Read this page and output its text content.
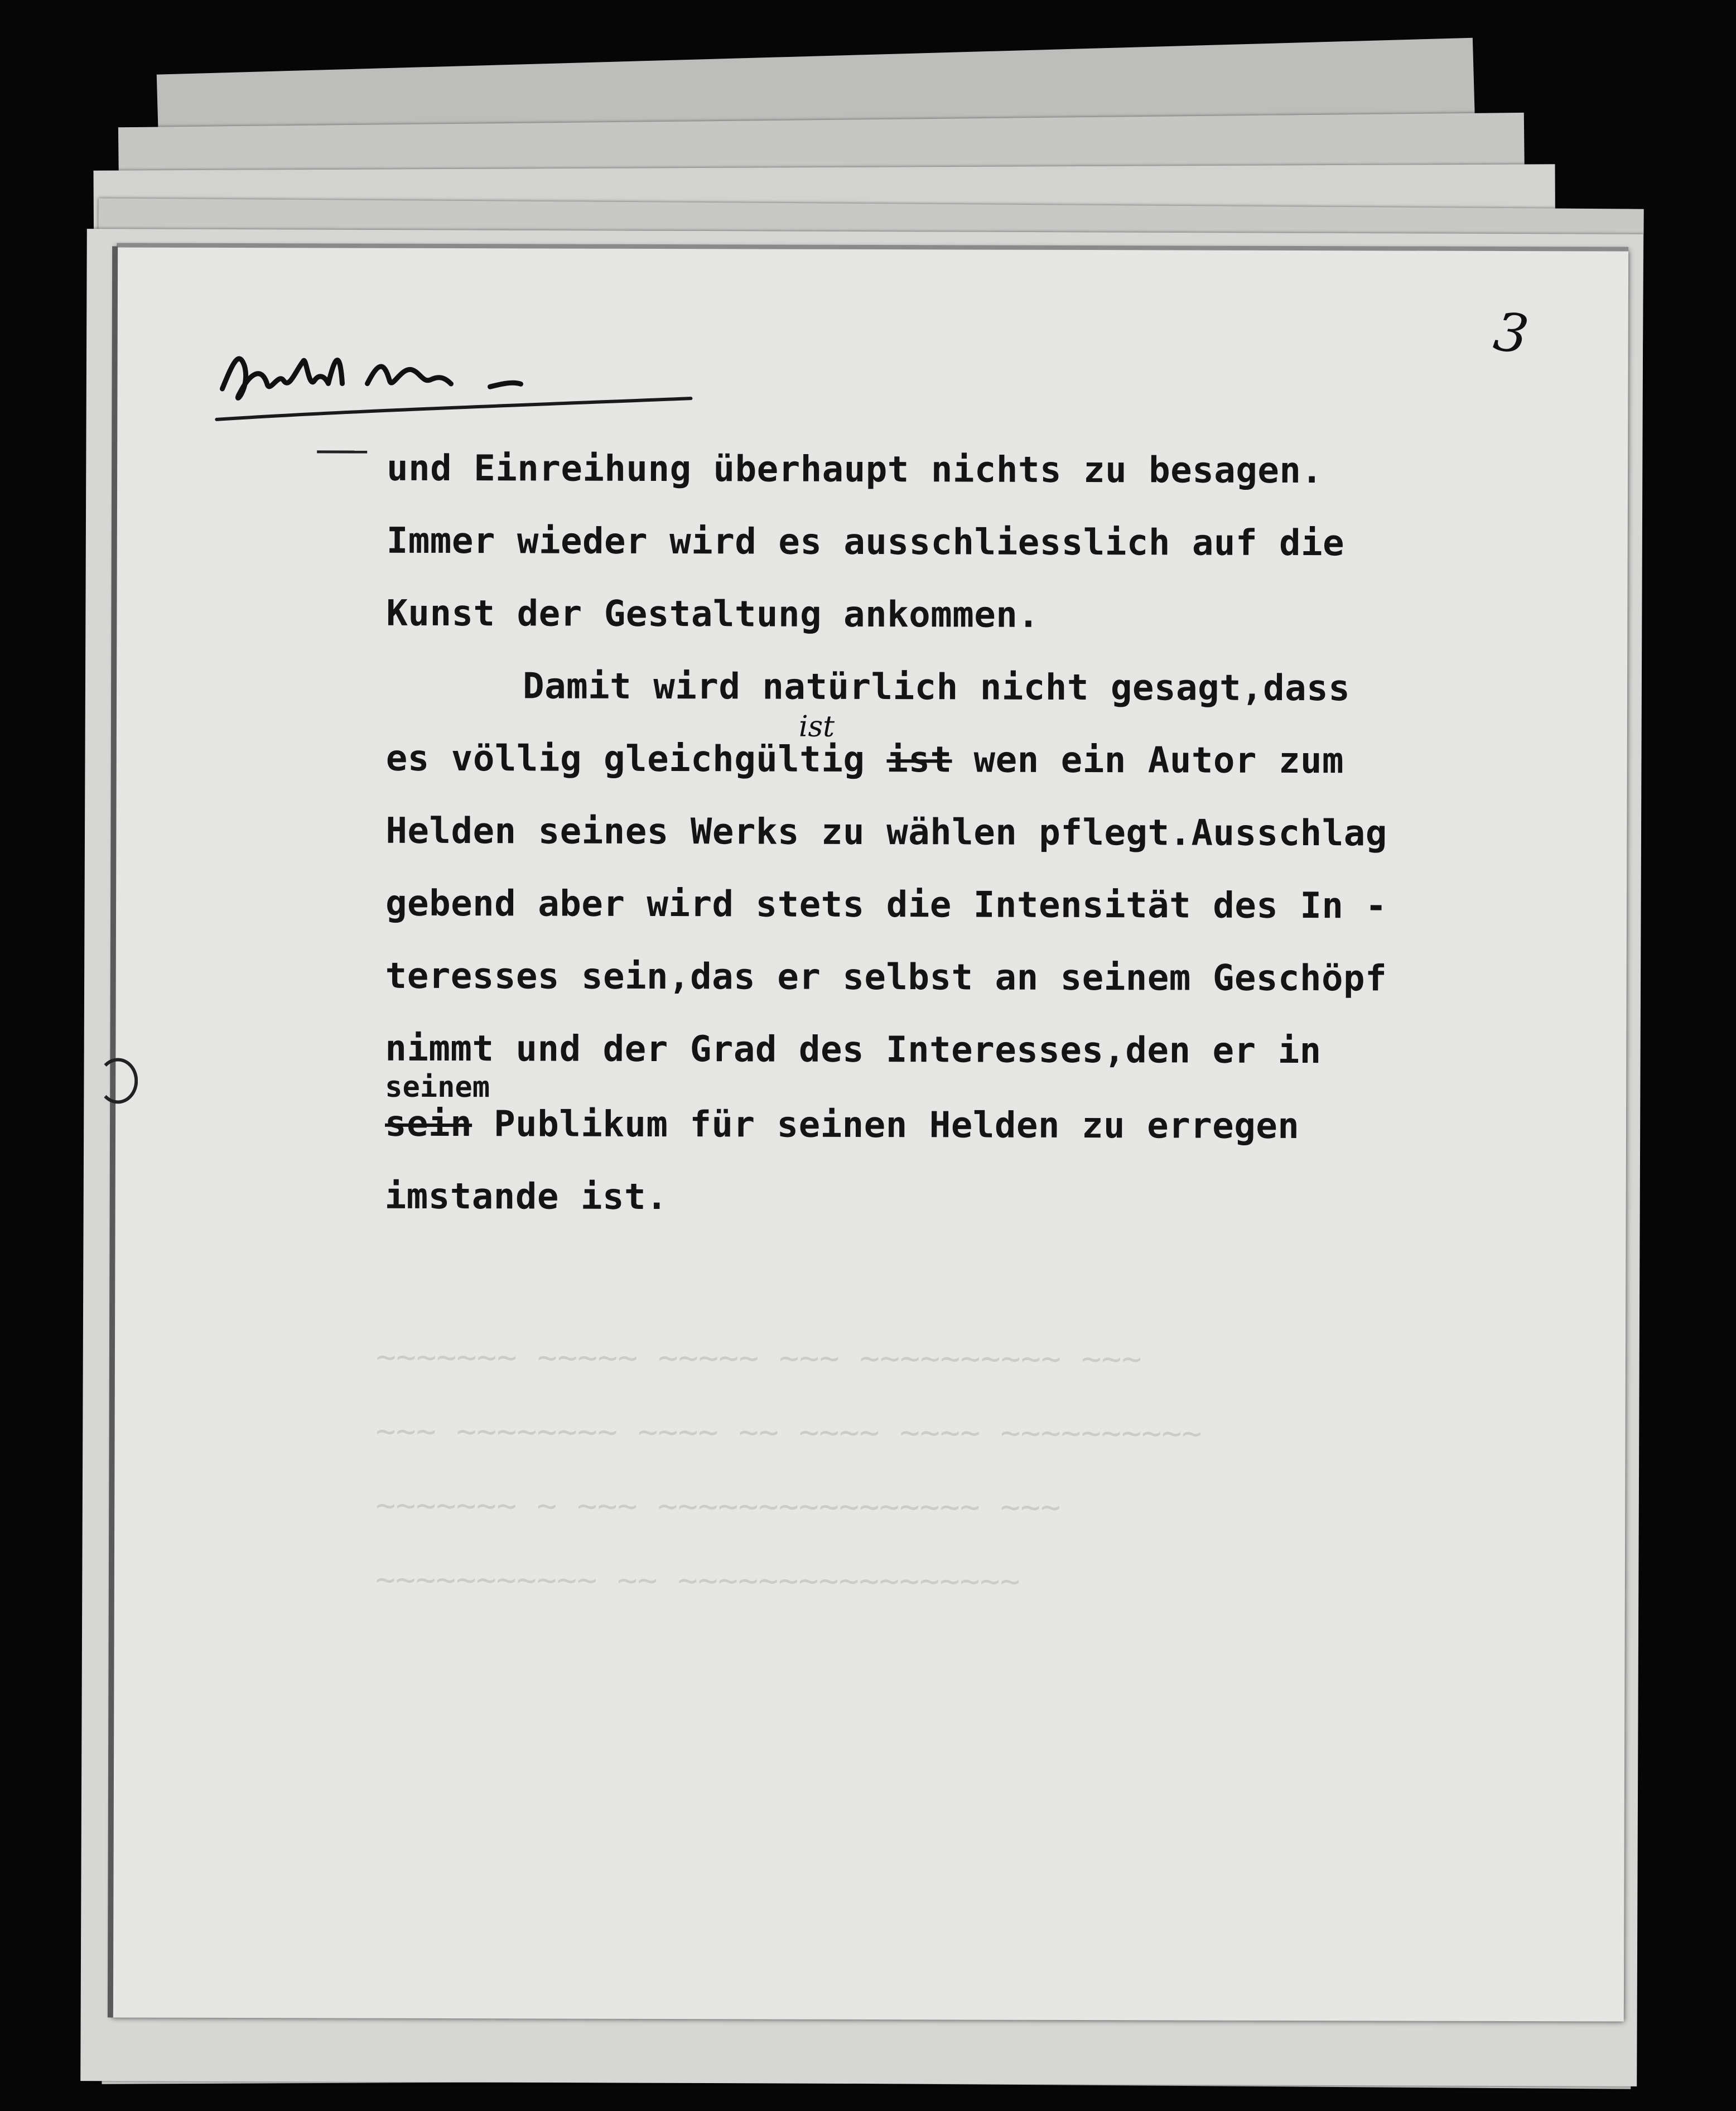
3

und Einreihung überhaupt nichts zu besagen.

Immer wieder wird es ausschliesslich auf die

Kunst der Gestaltung ankommen.

Damit wird natürlich nicht gesagt,dass

es völlig gleichgültig ist wen ein Autor zum

ist

Helden seines Werks zu wählen pflegt.Ausschlag

gebend aber wird stets die Intensität des In -

teresses sein,das er selbst an seinem Geschöpf

nimmt und der Grad des Interesses,den er in

seinem

sein Publikum für seinen Helden zu erregen

imstande ist.

~~~~~~~ ~~~~~ ~~~~~ ~~~ ~~~~~~~~~~ ~~~

~~~ ~~~~~~~~ ~~~~ ~~ ~~~~ ~~~~ ~~~~~~~~~~

~~~~~~~ ~ ~~~ ~~~~~~~~~~~~~~~~ ~~~

~~~~~~~~~~~ ~~ ~~~~~~~~~~~~~~~~~
